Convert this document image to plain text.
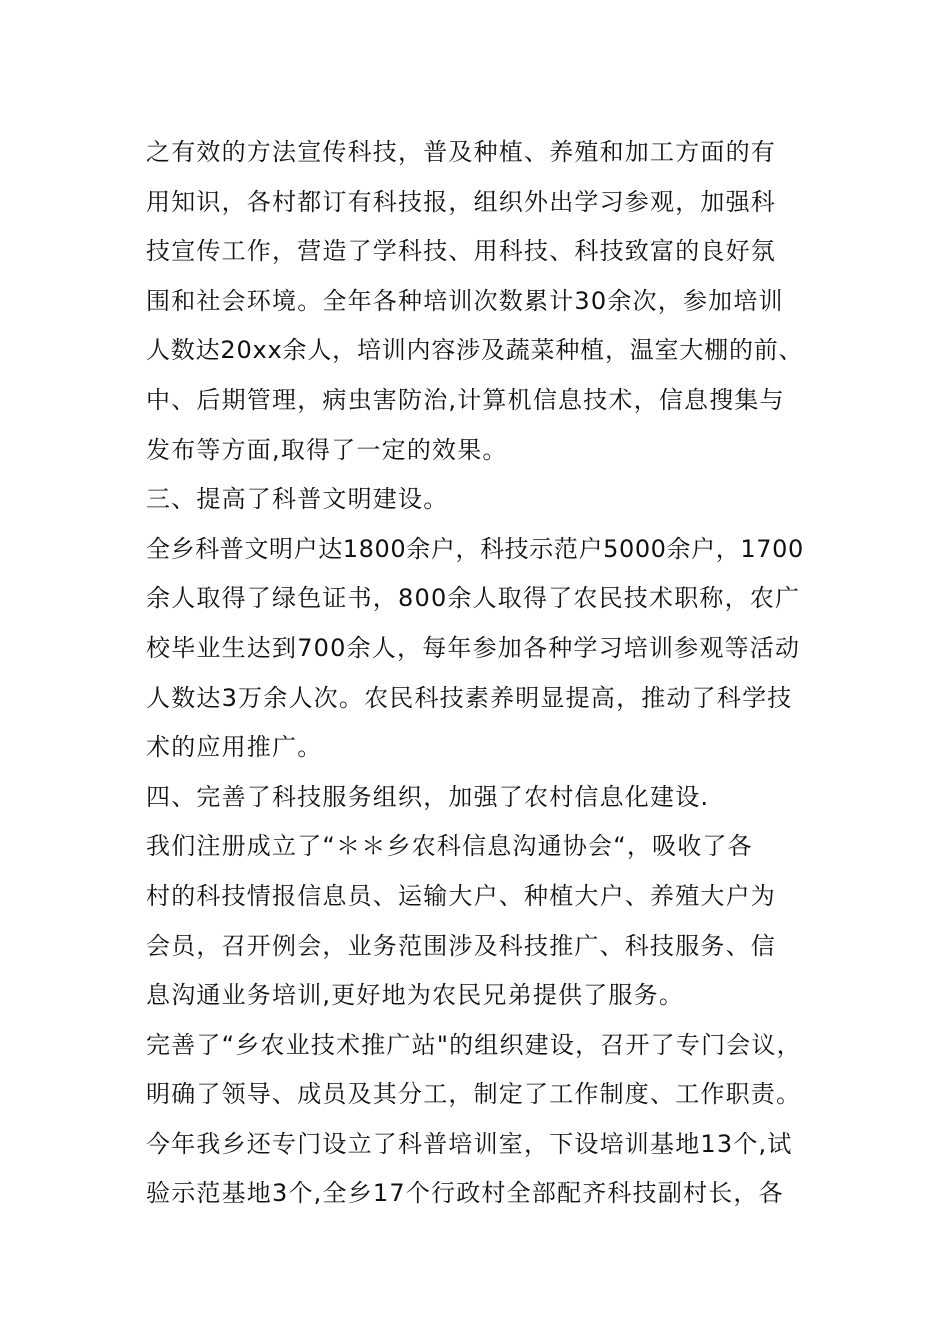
之有效的方法宣传科技，普及种植、养殖和加工方面的有
用知识，各村都订有科技报，组织外出学习参观，加强科
技宣传工作，营造了学科技、用科技、科技致富的良好氛
围和社会环境。全年各种培训次数累计30余次，参加培训
人数达20xx余人，培训内容涉及蔬菜种植，温室大棚的前、
中、后期管理，病虫害防治,计算机信息技术，信息搜集与
发布等方面,取得了一定的效果。
三、提高了科普文明建设。
全乡科普文明户达1800余户，科技示范户5000余户，1700
余人取得了绿色证书，800余人取得了农民技术职称，农广
校毕业生达到700余人，每年参加各种学习培训参观等活动
人数达3万余人次。农民科技素养明显提高，推动了科学技
术的应用推广。
四、完善了科技服务组织，加强了农村信息化建设.
我们注册成立了“＊＊乡农科信息沟通协会“，吸收了各
村的科技情报信息员、运输大户、种植大户、养殖大户为
会员，召开例会，业务范围涉及科技推广、科技服务、信
息沟通业务培训,更好地为农民兄弟提供了服务。
完善了“乡农业技术推广站"的组织建设，召开了专门会议，
明确了领导、成员及其分工，制定了工作制度、工作职责。
今年我乡还专门设立了科普培训室，下设培训基地13个,试
验示范基地3个,全乡17个行政村全部配齐科技副村长，各
